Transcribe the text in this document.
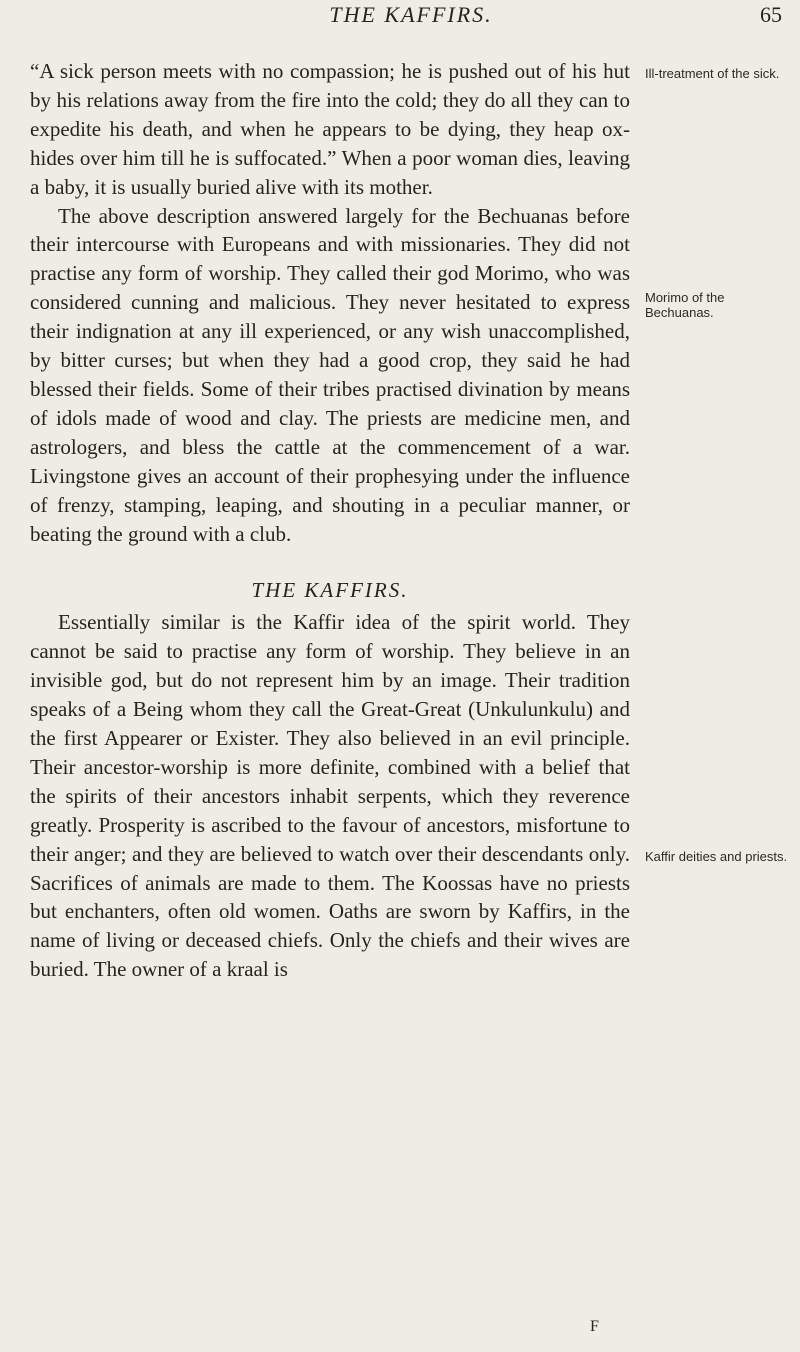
THE KAFFIRS.	65

“A sick person meets with no compassion; he is pushed out of his hut by his relations away from the fire into the cold; they do all they can to expedite his death, and when he appears to be dying, they heap ox-hides over him till he is suffocated.” When a poor woman dies, leaving a baby, it is usually buried alive with its mother.

The above description answered largely for the Bechuanas before their intercourse with Europeans and with missionaries. They did not practise any form of worship. They called their god Morimo, who was considered cunning and malicious. They never hesitated to express their indignation at any ill experienced, or any wish unaccomplished, by bitter curses; but when they had a good crop, they said he had blessed their fields. Some of their tribes practised divination by means of idols made of wood and clay. The priests are medicine men, and astrologers, and bless the cattle at the commencement of a war. Livingstone gives an account of their prophesying under the influence of frenzy, stamping, leaping, and shouting in a peculiar manner, or beating the ground with a club.

THE KAFFIRS.

Essentially similar is the Kaffir idea of the spirit world. They cannot be said to practise any form of worship. They believe in an invisible god, but do not represent him by an image. Their tradition speaks of a Being whom they call the Great-Great (Unkulunkulu) and the first Appearer or Exister. They also believed in an evil principle. Their ancestor-worship is more definite, combined with a belief that the spirits of their ancestors inhabit serpents, which they reverence greatly. Prosperity is ascribed to the favour of ancestors, misfortune to their anger; and they are believed to watch over their descendants only. Sacrifices of animals are made to them. The Koossas have no priests but enchanters, often old women. Oaths are sworn by Kaffirs, in the name of living or deceased chiefs. Only the chiefs and their wives are buried. The owner of a kraal is

Ill-treatment of the sick.
Morimo of the Bechuanas.
Kaffir deities and priests.
F
